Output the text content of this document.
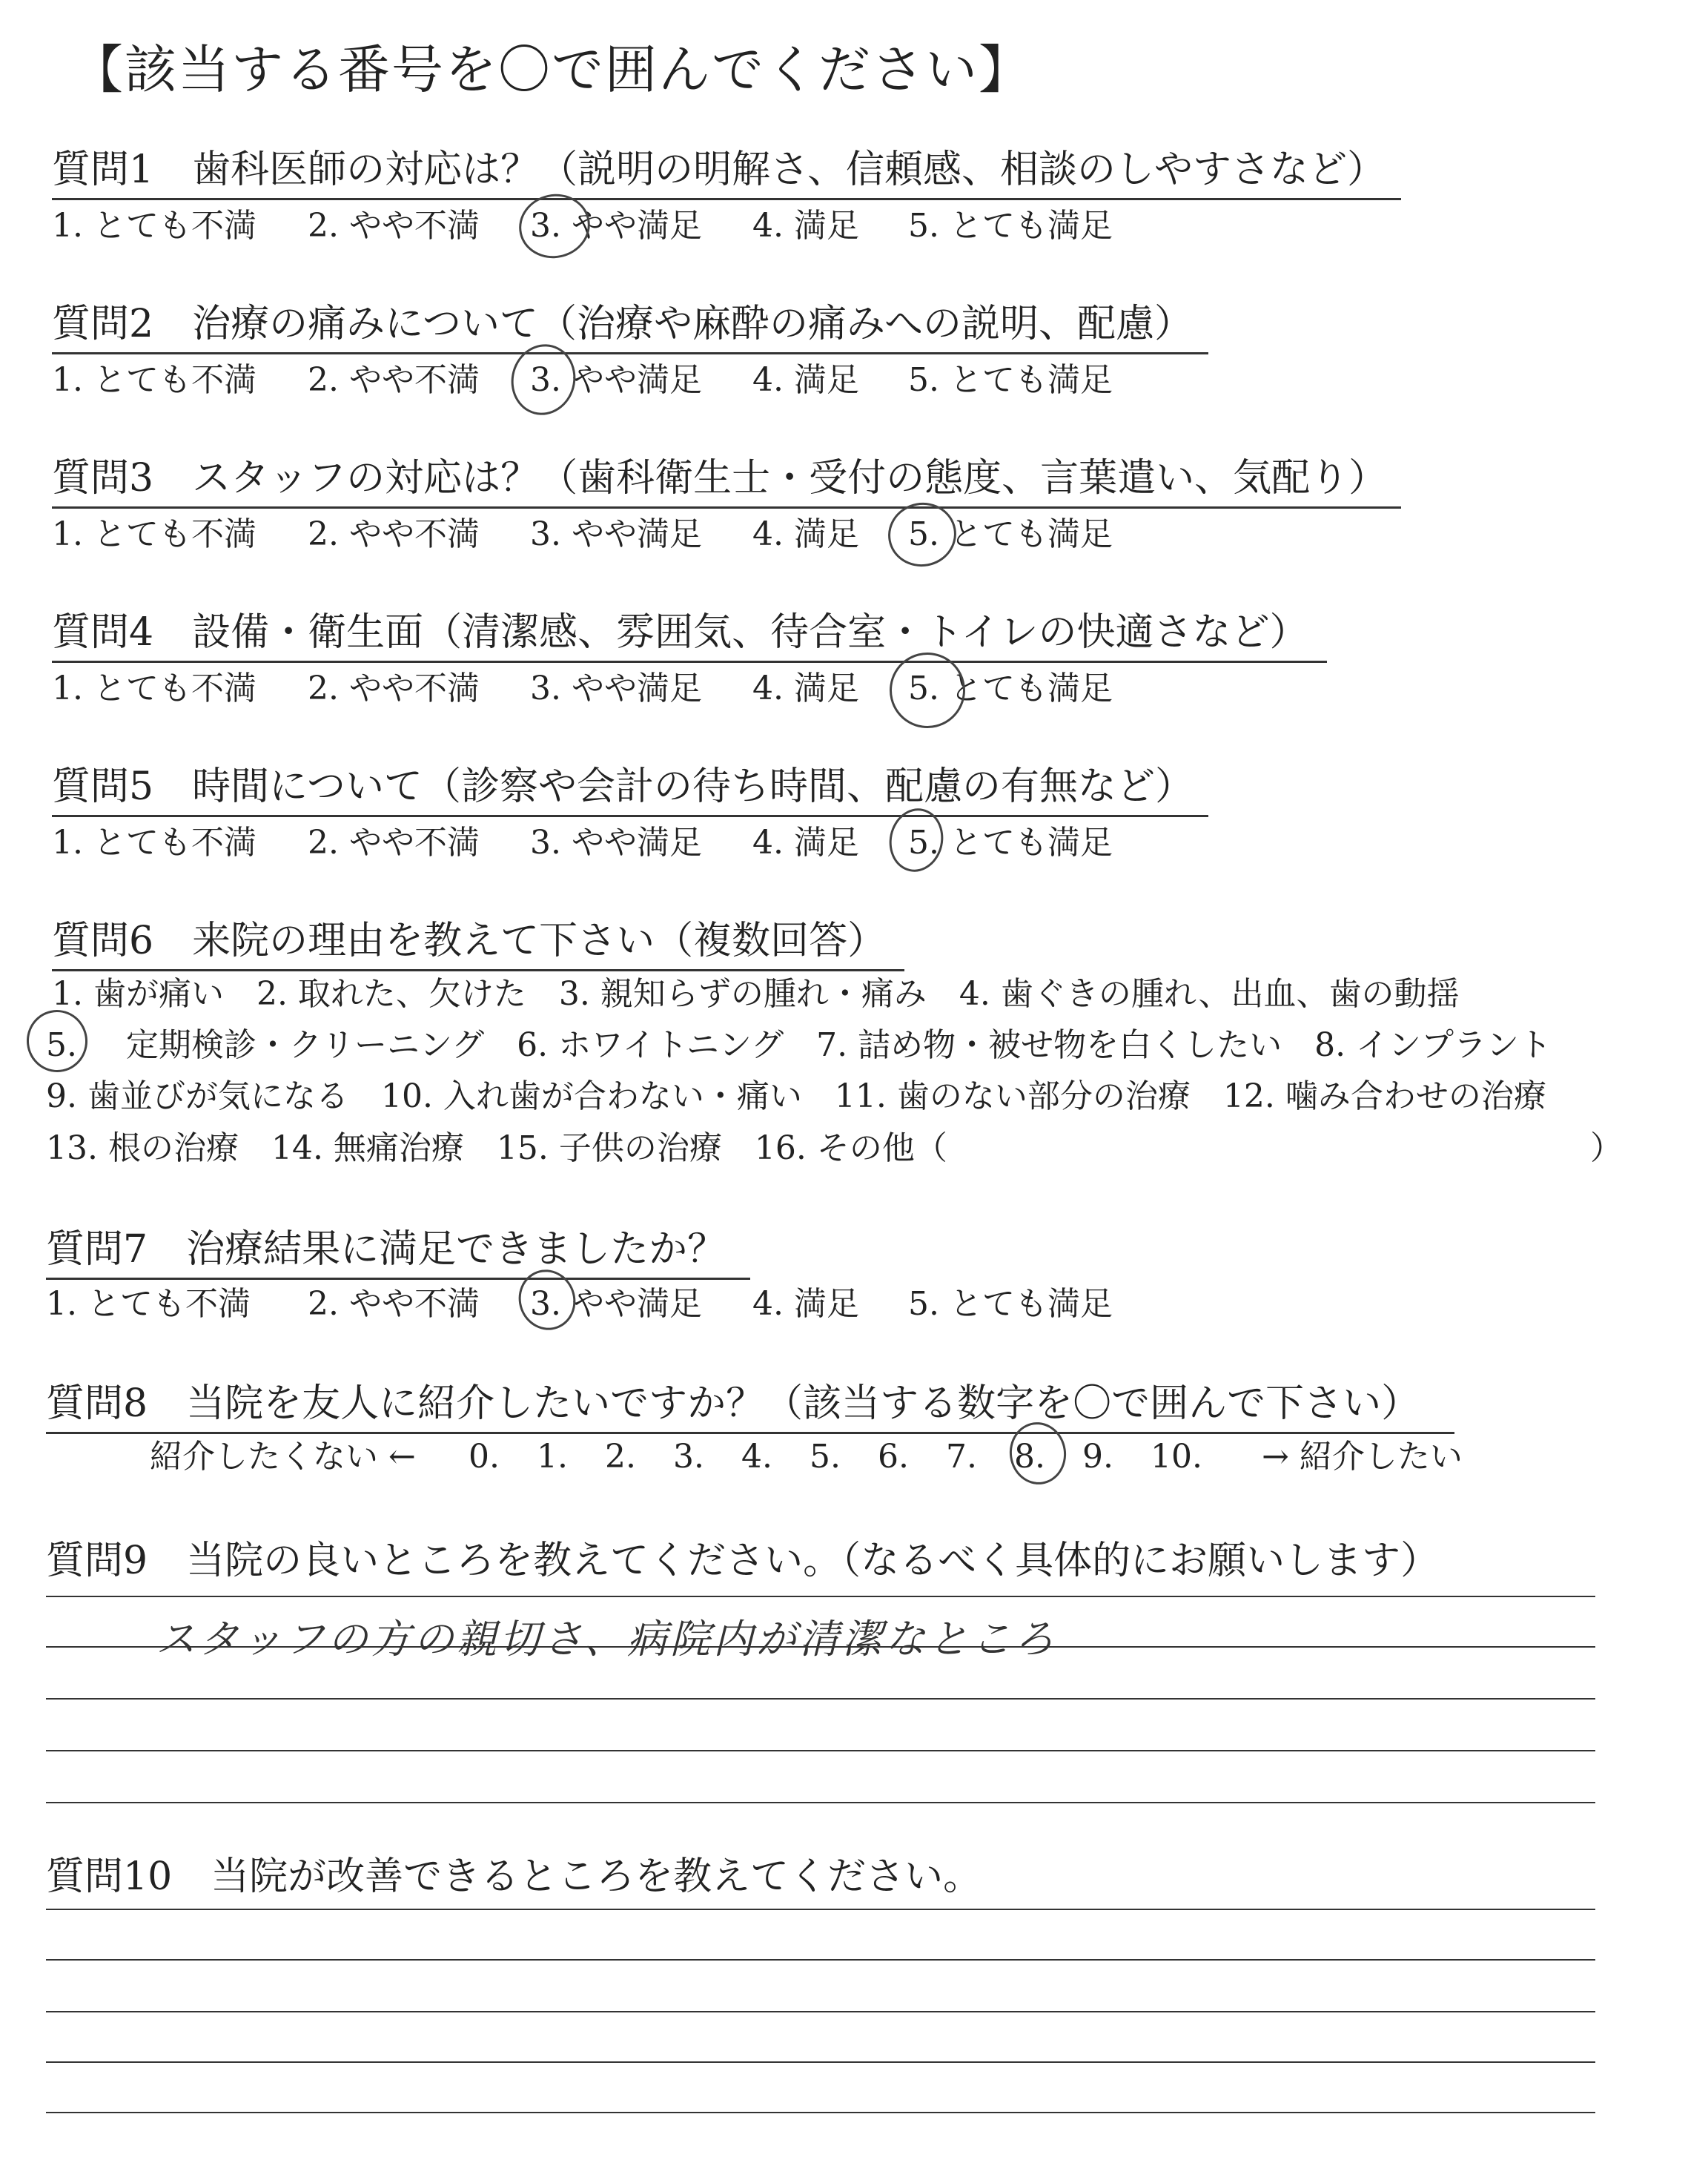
【該当する番号を〇で囲んでください】
質問1　歯科医師の対応は？（説明の明解さ、信頼感、相談のしやすさなど）
1. とても不満 2. やや不満 3. やや満足 4. 満足 5. とても満足
質問2　治療の痛みについて（治療や麻酔の痛みへの説明、配慮）
1. とても不満 2. やや不満 3. やや満足 4. 満足 5. とても満足
質問3　スタッフの対応は？（歯科衛生士・受付の態度、言葉遣い、気配り）
1. とても不満 2. やや不満 3. やや満足 4. 満足 5. とても満足
質問4　設備・衛生面（清潔感、雰囲気、待合室・トイレの快適さなど）
1. とても不満 2. やや不満 3. やや満足 4. 満足 5. とても満足
質問5　時間について（診察や会計の待ち時間、配慮の有無など）
1. とても不満 2. やや不満 3. やや満足 4. 満足 5. とても満足
質問6　来院の理由を教えて下さい（複数回答）
1. 歯が痛い　2. 取れた、欠けた　3. 親知らずの腫れ・痛み　4. 歯ぐきの腫れ、出血、歯の動揺
5. 定期検診・クリーニング　6. ホワイトニング　7. 詰め物・被せ物を白くしたい　8. インプラント
9. 歯並びが気になる　10. 入れ歯が合わない・痛い　11. 歯のない部分の治療　12. 噛み合わせの治療
13. 根の治療　14. 無痛治療　15. 子供の治療　16. その他（	）
質問7　治療結果に満足できましたか？
1. とても不満 2. やや不満 3. やや満足 4. 満足 5. とても満足
質問8　当院を友人に紹介したいですか？（該当する数字を〇で囲んで下さい）
紹介したくない ← 0. 1. 2. 3. 4. 5. 6. 7. 8. 9. 10. → 紹介したい
質問9　当院の良いところを教えてください。（なるべく具体的にお願いします）
スタッフの方の親切さ、病院内が清潔なところ
質問10　当院が改善できるところを教えてください。
